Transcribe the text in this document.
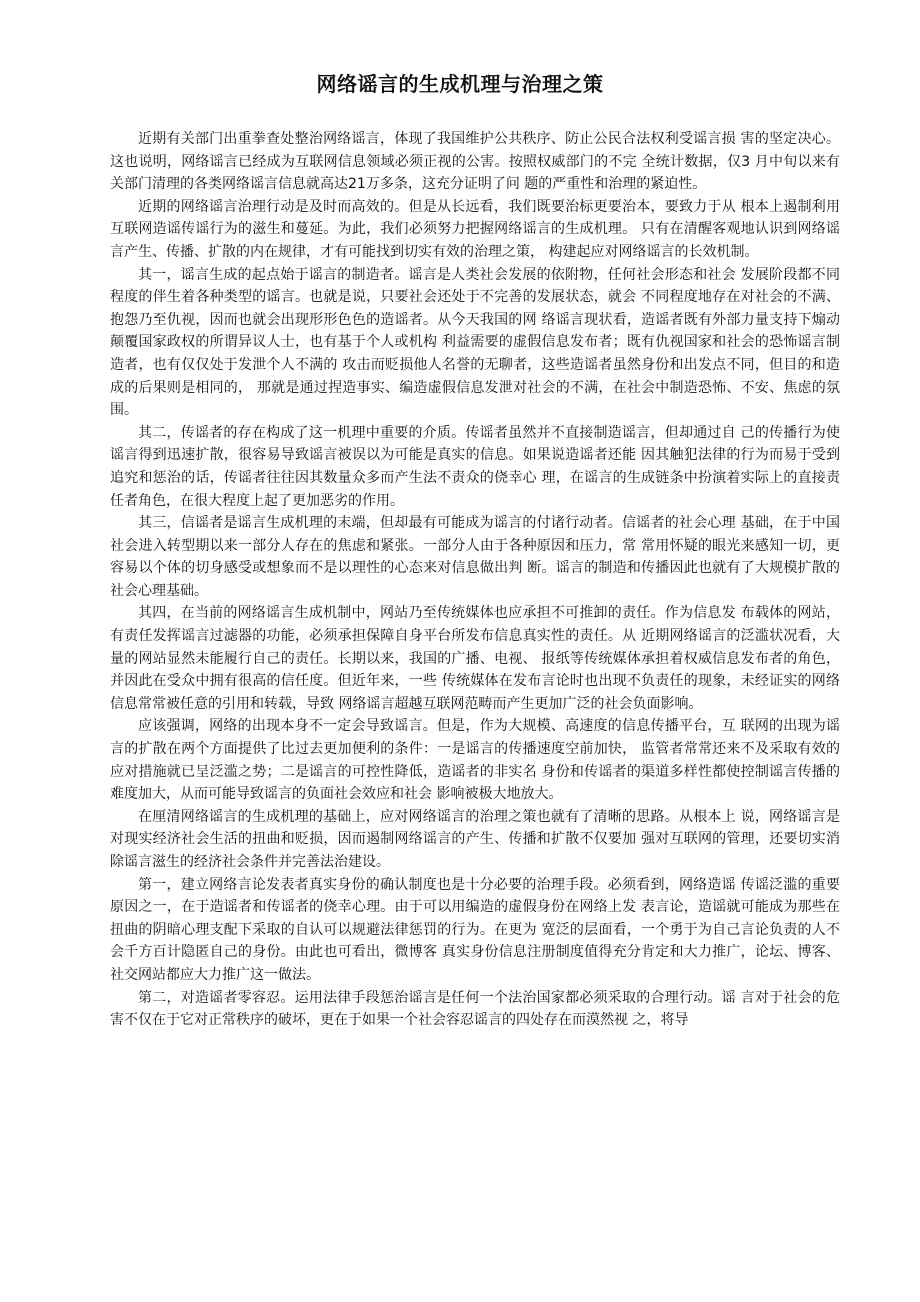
网络谣言的生成机理与治理之策

近期有关部门出重拳查处整治网络谣言，体现了我国维护公共秩序、防止公民合法权利受谣言损 害的坚定决心。这也说明，网络谣言已经成为互联网信息领域必须正视的公害。按照权威部门的不完 全统计数据，仅3 月中旬以来有关部门清理的各类网络谣言信息就高达21万多条，这充分证明了问 题的严重性和治理的紧迫性。

近期的网络谣言治理行动是及时而高效的。但是从长远看，我们既要治标更要治本，要致力于从 根本上遏制利用互联网造谣传谣行为的滋生和蔓延。为此，我们必须努力把握网络谣言的生成机理。 只有在清醒客观地认识到网络谣言产生、传播、扩散的内在规律，才有可能找到切实有效的治理之策， 构建起应对网络谣言的长效机制。

其一，谣言生成的起点始于谣言的制造者。谣言是人类社会发展的依附物，任何社会形态和社会 发展阶段都不同程度的伴生着各种类型的谣言。也就是说，只要社会还处于不完善的发展状态，就会 不同程度地存在对社会的不满、抱怨乃至仇视，因而也就会出现形形色色的造谣者。从今天我国的网 络谣言现状看，造谣者既有外部力量支持下煽动颠覆国家政权的所谓异议人士，也有基于个人或机构 利益需要的虚假信息发布者；既有仇视国家和社会的恐怖谣言制造者，也有仅仅处于发泄个人不满的 攻击而贬损他人名誉的无聊者，这些造谣者虽然身份和出发点不同，但目的和造成的后果则是相同的， 那就是通过捏造事实、编造虚假信息发泄对社会的不满，在社会中制造恐怖、不安、焦虑的氛围。

其二，传谣者的存在构成了这一机理中重要的介质。传谣者虽然并不直接制造谣言，但却通过自 己的传播行为使谣言得到迅速扩散，很容易导致谣言被误以为可能是真实的信息。如果说造谣者还能 因其触犯法律的行为而易于受到追究和惩治的话，传谣者往往因其数量众多而产生法不责众的侥幸心 理，在谣言的生成链条中扮演着实际上的直接责任者角色，在很大程度上起了更加恶劣的作用。

其三，信谣者是谣言生成机理的末端，但却最有可能成为谣言的付诸行动者。信谣者的社会心理 基础，在于中国社会进入转型期以来一部分人存在的焦虑和紧张。一部分人由于各种原因和压力，常 常用怀疑的眼光来感知一切，更容易以个体的切身感受或想象而不是以理性的心态来对信息做出判 断。谣言的制造和传播因此也就有了大规模扩散的社会心理基础。

其四，在当前的网络谣言生成机制中，网站乃至传统媒体也应承担不可推卸的责任。作为信息发 布载体的网站，有责任发挥谣言过滤器的功能，必须承担保障自身平台所发布信息真实性的责任。从 近期网络谣言的泛滥状况看，大量的网站显然未能履行自己的责任。长期以来，我国的广播、电视、 报纸等传统媒体承担着权威信息发布者的角色，并因此在受众中拥有很高的信任度。但近年来，一些 传统媒体在发布言论时也出现不负责任的现象，未经证实的网络信息常常被任意的引用和转载，导致 网络谣言超越互联网范畴而产生更加广泛的社会负面影响。

应该强调，网络的出现本身不一定会导致谣言。但是，作为大规模、高速度的信息传播平台，互 联网的出现为谣言的扩散在两个方面提供了比过去更加便利的条件：一是谣言的传播速度空前加快， 监管者常常还来不及采取有效的应对措施就已呈泛滥之势；二是谣言的可控性降低，造谣者的非实名 身份和传谣者的渠道多样性都使控制谣言传播的难度加大，从而可能导致谣言的负面社会效应和社会 影响被极大地放大。

在厘清网络谣言的生成机理的基础上，应对网络谣言的治理之策也就有了清晰的思路。从根本上 说，网络谣言是对现实经济社会生活的扭曲和贬损，因而遏制网络谣言的产生、传播和扩散不仅要加 强对互联网的管理，还要切实消除谣言滋生的经济社会条件并完善法治建设。

第一，建立网络言论发表者真实身份的确认制度也是十分必要的治理手段。必须看到，网络造谣 传谣泛滥的重要原因之一，在于造谣者和传谣者的侥幸心理。由于可以用编造的虚假身份在网络上发 表言论，造谣就可能成为那些在扭曲的阴暗心理支配下采取的自认可以规避法律惩罚的行为。在更为 宽泛的层面看，一个勇于为自己言论负责的人不会千方百计隐匿自己的身份。由此也可看出，微博客 真实身份信息注册制度值得充分肯定和大力推广，论坛、博客、社交网站都应大力推广这一做法。

第二，对造谣者零容忍。运用法律手段惩治谣言是任何一个法治国家都必须采取的合理行动。谣 言对于社会的危害不仅在于它对正常秩序的破坏，更在于如果一个社会容忍谣言的四处存在而漠然视 之，将导
